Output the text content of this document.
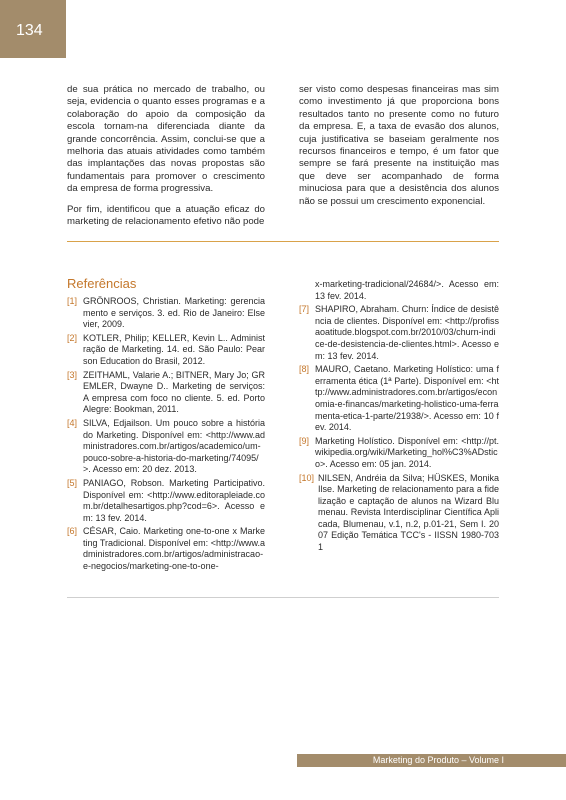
134

de sua prática no mercado de trabalho, ou seja, evidencia o quanto esses programas e a colaboração do apoio da composição da escola tornam-na diferenciada diante da grande concorrência. Assim, conclui-se que a melhoria das atuais atividades como também das implantações das novas propostas são fundamentais para promover o crescimento da empresa de forma progressiva.

Por fim, identificou que a atuação eficaz do marketing de relacionamento efetivo não pode

ser visto como despesas financeiras mas sim como investimento já que proporciona bons resultados tanto no presente como no futuro da empresa. E, a taxa de evasão dos alunos, cuja justificativa se baseiam geralmente nos recursos financeiros e tempo, é um fator que sempre se fará presente na instituição mas que deve ser acompanhado de forma minuciosa para que a desistência dos alunos não se possui um crescimento exponencial.

Referências
[1] GRÖNROOS, Christian. Marketing: gerenciamento e serviços. 3. ed. Rio de Janeiro: Elsevier, 2009.
[2] KOTLER, Philip; KELLER, Kevin L.. Administração de Marketing. 14. ed. São Paulo: Pearson Education do Brasil, 2012.
[3] ZEITHAML, Valarie A.; BITNER, Mary Jo; GREMLER, Dwayne D.. Marketing de serviços: A empresa com foco no cliente. 5. ed. Porto Alegre: Bookman, 2011.
[4] SILVA, Edjailson. Um pouco sobre a história do Marketing. Disponível em: <http://www.administradores.com.br/artigos/academico/um-pouco-sobre-a-historia-do-marketing/74095/>. Acesso em: 20 dez. 2013.
[5] PANIAGO, Robson. Marketing Participativo. Disponível em: <http://www.editorapleiade.com.br/detalhesartigos.php?cod=6>. Acesso em: 13 fev. 2014.
[6] CÉSAR, Caio. Marketing one-to-one x Marketing Tradicional. Disponível em: <http://www.administradores.com.br/artigos/administracao-e-negocios/marketing-one-to-one-
x-marketing-tradicional/24684/>. Acesso em: 13 fev. 2014.
[7] SHAPIRO, Abraham. Churn: Índice de desistência de clientes. Disponível em: <http://profissaoatitude.blogspot.com.br/2010/03/churn-indice-de-desistencia-de-clientes.html>. Acesso em: 13 fev. 2014.
[8] MAURO, Caetano. Marketing Holístico: uma ferramenta ética (1ª Parte). Disponível em: <http://www.administradores.com.br/artigos/economia-e-financas/marketing-holistico-uma-ferramenta-etica-1-parte/21938/>. Acesso em: 10 fev. 2014.
[9] Marketing Holístico. Disponível em: <http://pt.wikipedia.org/wiki/Marketing_hol%C3%ADstico>. Acesso em: 05 jan. 2014.
[10] NILSEN, Andréia da Silva; HÜSKES, Monika Ilse. Marketing de relacionamento para a fidelização e captação de alunos na Wizard Blumenau. Revista Interdisciplinar Científica Aplicada, Blumenau, v.1, n.2, p.01-21, Sem I. 2007 Edição Temática TCC's - IISSN 1980-7031
Marketing do Produto – Volume I
